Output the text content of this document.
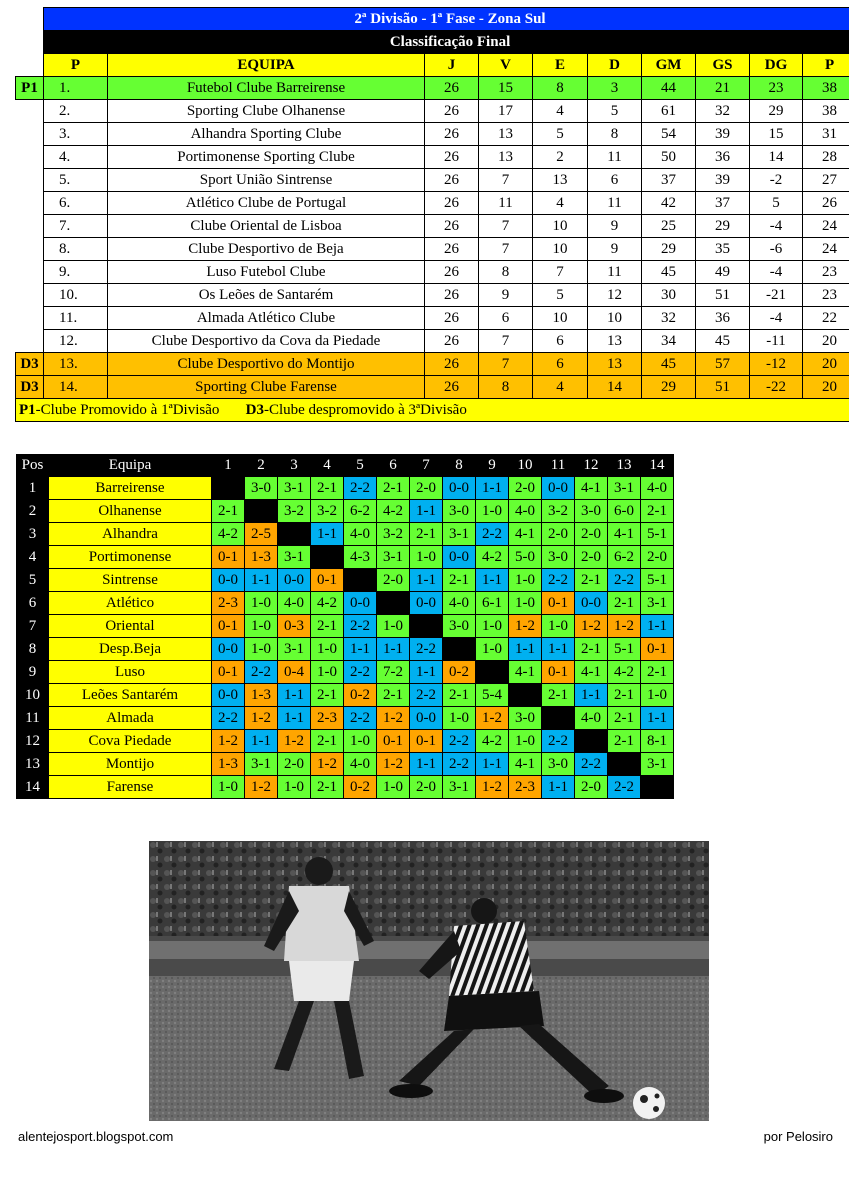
	2ª Divisão - 1ª Fase - Zona Sul									
	Classificação Final									
	P	EQUIPA	J	V	E	D	GM	GS	DG	P
P1	1.	Futebol Clube Barreirense	26	15	8	3	44	21	23	38
	2.	Sporting Clube Olhanense	26	17	4	5	61	32	29	38
	3.	Alhandra Sporting Clube	26	13	5	8	54	39	15	31
	4.	Portimonense Sporting Clube	26	13	2	11	50	36	14	28
	5.	Sport União Sintrense	26	7	13	6	37	39	-2	27
	6.	Atlético Clube de Portugal	26	11	4	11	42	37	5	26
	7.	Clube Oriental de Lisboa	26	7	10	9	25	29	-4	24
	8.	Clube Desportivo de Beja	26	7	10	9	29	35	-6	24
	9.	Luso Futebol Clube	26	8	7	11	45	49	-4	23
	10.	Os Leões de Santarém	26	9	5	12	30	51	-21	23
	11.	Almada Atlético Clube	26	6	10	10	32	36	-4	22
	12.	Clube Desportivo da Cova da Piedade	26	7	6	13	34	45	-11	20
D3	13.	Clube Desportivo do Montijo	26	7	6	13	45	57	-12	20
D3	14.	Sporting Clube Farense	26	8	4	14	29	51	-22	20
P1-Clube Promovido à 1ªDivisão D3-Clube despromovido à 3ªDivisão										
Pos	Equipa	1	2	3	4	5	6	7	8	9	10	11	12	13	14
1	Barreirense		3-0	3-1	2-1	2-2	2-1	2-0	0-0	1-1	2-0	0-0	4-1	3-1	4-0
2	Olhanense	2-1		3-2	3-2	6-2	4-2	1-1	3-0	1-0	4-0	3-2	3-0	6-0	2-1
3	Alhandra	4-2	2-5		1-1	4-0	3-2	2-1	3-1	2-2	4-1	2-0	2-0	4-1	5-1
4	Portimonense	0-1	1-3	3-1		4-3	3-1	1-0	0-0	4-2	5-0	3-0	2-0	6-2	2-0
5	Sintrense	0-0	1-1	0-0	0-1		2-0	1-1	2-1	1-1	1-0	2-2	2-1	2-2	5-1
6	Atlético	2-3	1-0	4-0	4-2	0-0		0-0	4-0	6-1	1-0	0-1	0-0	2-1	3-1
7	Oriental	0-1	1-0	0-3	2-1	2-2	1-0		3-0	1-0	1-2	1-0	1-2	1-2	1-1
8	Desp.Beja	0-0	1-0	3-1	1-0	1-1	1-1	2-2		1-0	1-1	1-1	2-1	5-1	0-1
9	Luso	0-1	2-2	0-4	1-0	2-2	7-2	1-1	0-2		4-1	0-1	4-1	4-2	2-1
10	Leões Santarém	0-0	1-3	1-1	2-1	0-2	2-1	2-2	2-1	5-4		2-1	1-1	2-1	1-0
11	Almada	2-2	1-2	1-1	2-3	2-2	1-2	0-0	1-0	1-2	3-0		4-0	2-1	1-1
12	Cova Piedade	1-2	1-1	1-2	2-1	1-0	0-1	0-1	2-2	4-2	1-0	2-2		2-1	8-1
13	Montijo	1-3	3-1	2-0	1-2	4-0	1-2	1-1	2-2	1-1	4-1	3-0	2-2		3-1
14	Farense	1-0	1-2	1-0	2-1	0-2	1-0	2-0	3-1	1-2	2-3	1-1	2-0	2-2	
alentejosport.blogspot.com	por Pelosiro
